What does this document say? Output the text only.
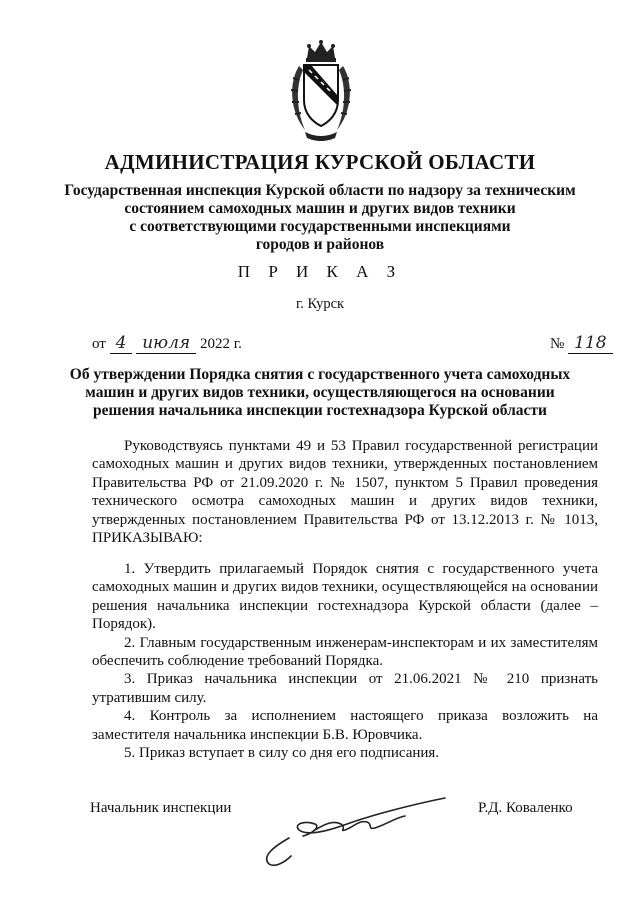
АДМИНИСТРАЦИЯ КУРСКОЙ ОБЛАСТИ
Государственная инспекция Курской области по надзору за техническим
состоянием самоходных машин и других видов техники
с соответствующими государственными инспекциями
городов и районов
П Р И К А З
г. Курск
от 4 июля 2022 г.	№ 118
Об утверждении Порядка снятия с государственного учета самоходных
машин и других видов техники, осуществляющегося на основании
решения начальника инспекции гостехнадзора Курской области

Руководствуясь пунктами 49 и 53 Правил государственной регистрации самоходных машин и других видов техники, утвержденных постановлением Правительства РФ от 21.09.2020 г. № 1507, пунктом 5 Правил проведения технического осмотра самоходных машин и других видов техники, утвержденных постановлением Правительства РФ от 13.12.2013 г. № 1013, ПРИКАЗЫВАЮ:

1. Утвердить прилагаемый Порядок снятия с государственного учета самоходных машин и других видов техники, осуществляющейся на основании решения начальника инспекции гостехнадзора Курской области (далее – Порядок).

2. Главным государственным инженерам-инспекторам и их заместителям обеспечить соблюдение требований Порядка.

3. Приказ начальника инспекции от 21.06.2021 № 210 признать утратившим силу.

4. Контроль за исполнением настоящего приказа возложить на заместителя начальника инспекции Б.В. Юровчика.

5. Приказ вступает в силу со дня его подписания.

Начальник инспекции	Р.Д. Коваленко
